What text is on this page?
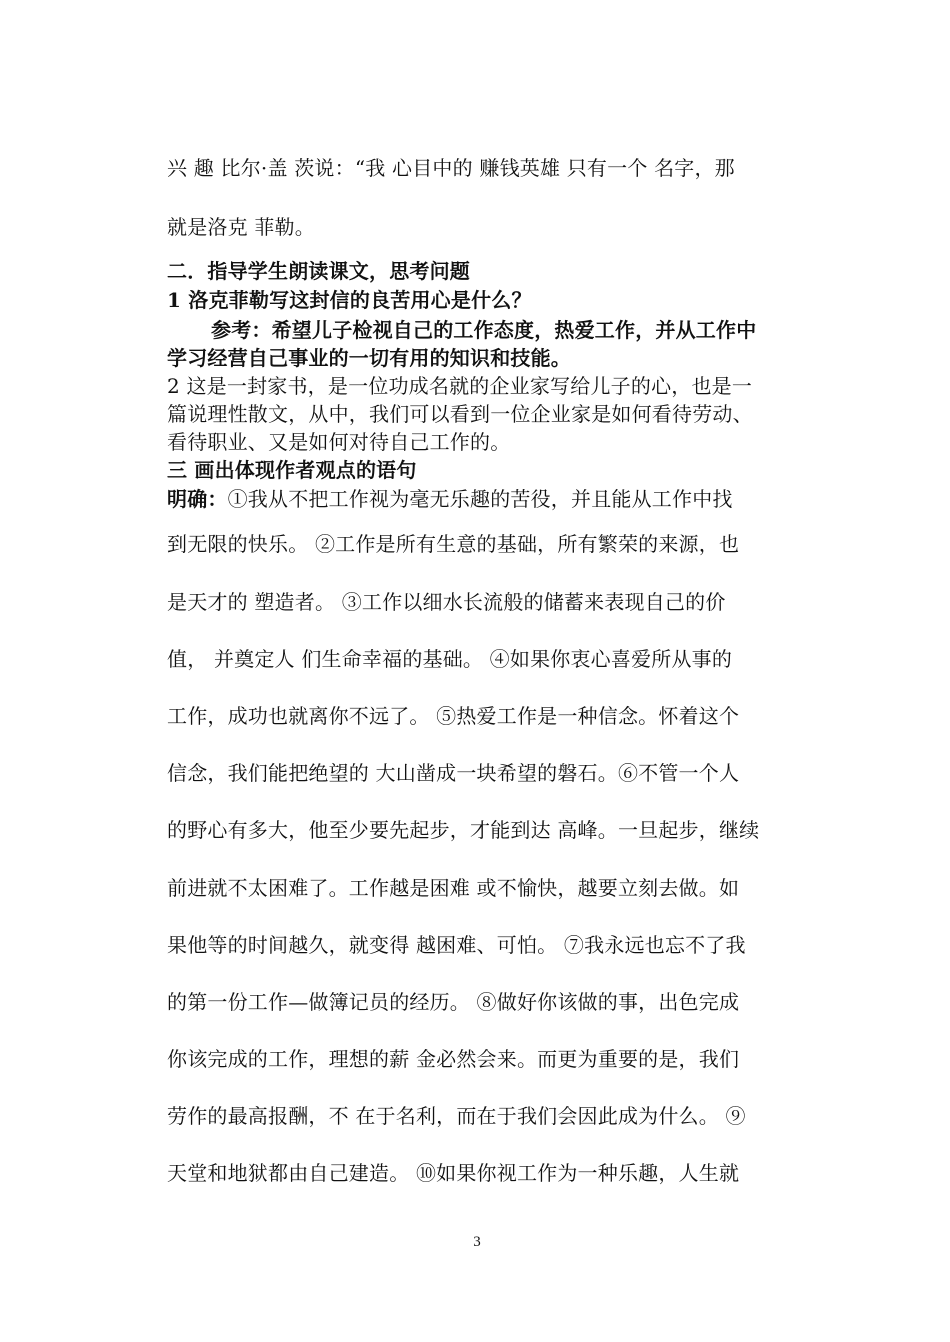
兴 趣 比尔·盖 茨说：“我 心目中的 赚钱英雄 只有一个 名字，那
就是洛克 菲勒。
二．指导学生朗读课文，思考问题
1 洛克菲勒写这封信的良苦用心是什么？
参考：希望儿子检视自己的工作态度，热爱工作，并从工作中
学习经营自己事业的一切有用的知识和技能。
2 这是一封家书，是一位功成名就的企业家写给儿子的心，也是一
篇说理性散文，从中，我们可以看到一位企业家是如何看待劳动、
看待职业、又是如何对待自己工作的。
三 画出体现作者观点的语句
明确：①我从不把工作视为毫无乐趣的苦役，并且能从工作中找
到无限的快乐。 ②工作是所有生意的基础，所有繁荣的来源，也
是天才的 塑造者。 ③工作以细水长流般的储蓄来表现自己的价
值， 并奠定人 们生命幸福的基础。 ④如果你衷心喜爱所从事的
工作，成功也就离你不远了。 ⑤热爱工作是一种信念。怀着这个
信念，我们能把绝望的 大山凿成一块希望的磐石。⑥不管一个人
的野心有多大，他至少要先起步，才能到达 高峰。一旦起步，继续
前进就不太困难了。工作越是困难 或不愉快，越要立刻去做。如
果他等的时间越久，就变得 越困难、可怕。 ⑦我永远也忘不了我
的第一份工作—做簿记员的经历。 ⑧做好你该做的事，出色完成
你该完成的工作，理想的薪 金必然会来。而更为重要的是，我们
劳作的最高报酬，不 在于名利，而在于我们会因此成为什么。 ⑨
天堂和地狱都由自己建造。 ⑩如果你视工作为一种乐趣，人生就
3
